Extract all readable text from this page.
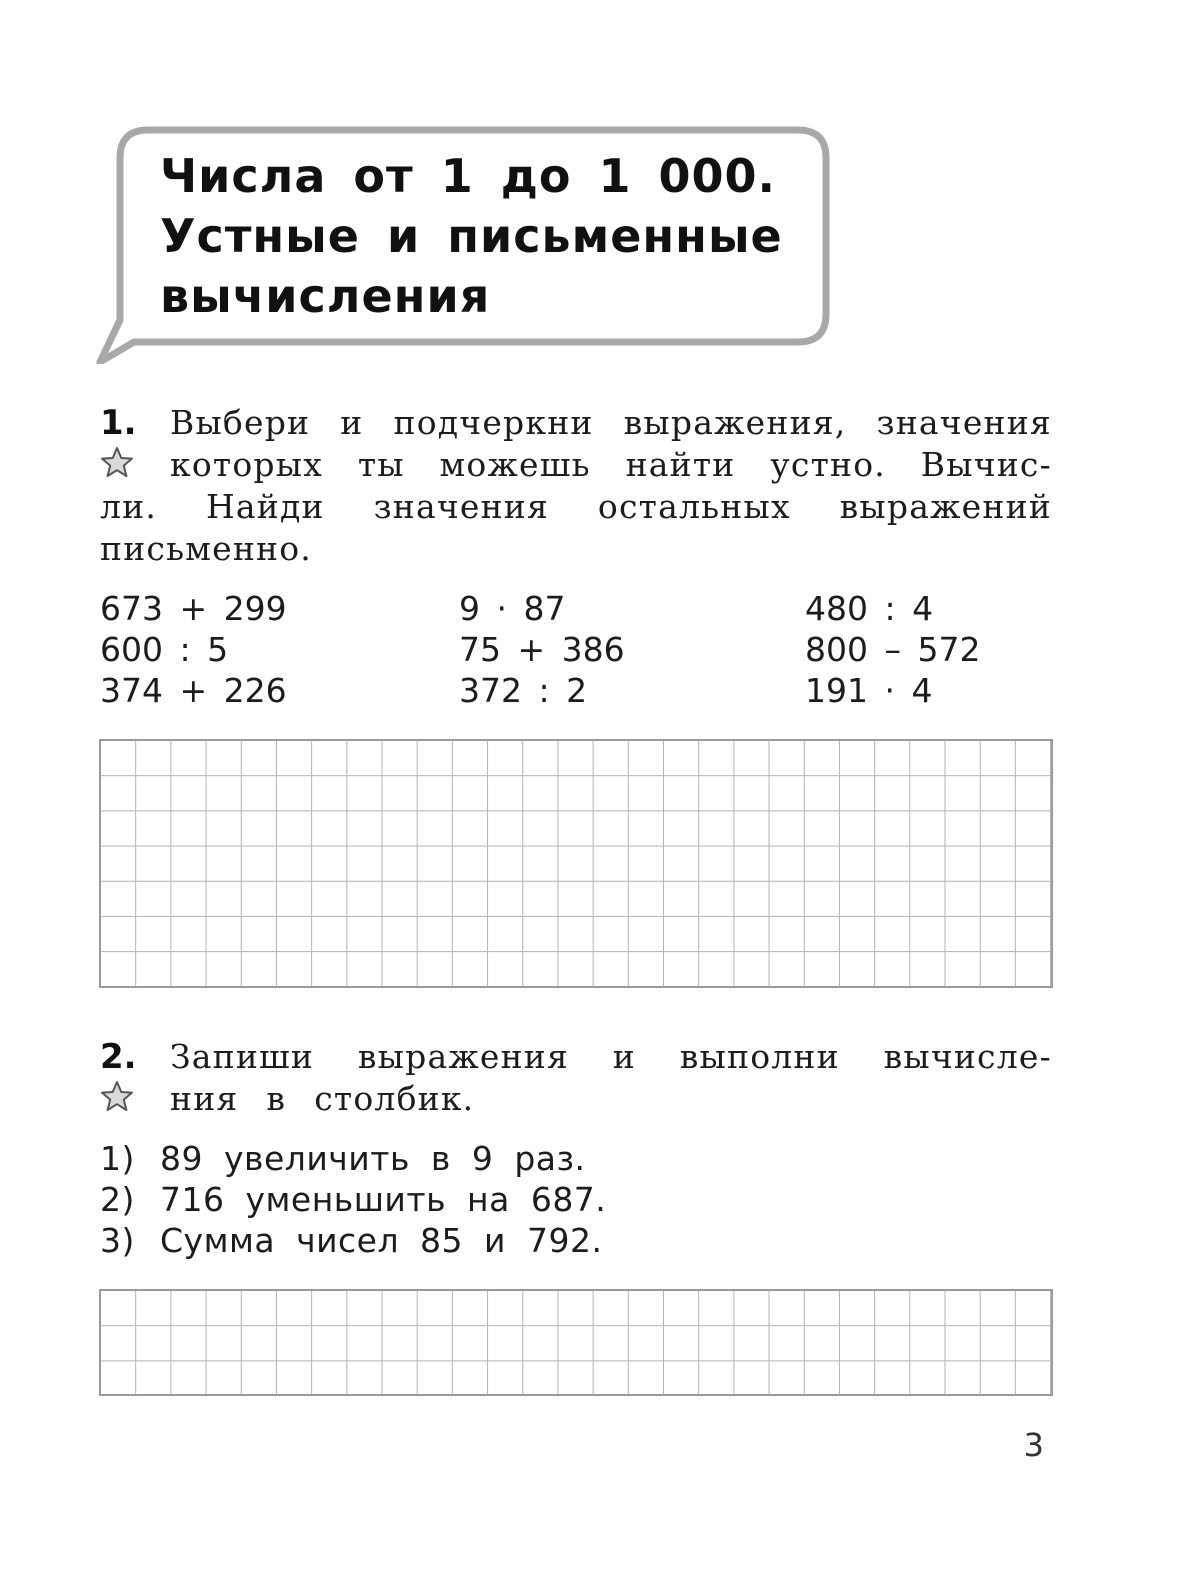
Числа от 1 до 1 000.
Устные и письменные
вычисления
1. Выбери и подчеркни выражения, значения
которых ты можешь найти устно. Вычис-
ли. Найди значения остальных выражений
письменно.
673 + 299
600 : 5
374 + 226
9 · 87
75 + 386
372 : 2
480 : 4
800 – 572
191 · 4
2. Запиши выражения и выполни вычисле-
ния в столбик.
1) 89 увеличить в 9 раз.
2) 716 уменьшить на 687.
3) Сумма чисел 85 и 792.
3
